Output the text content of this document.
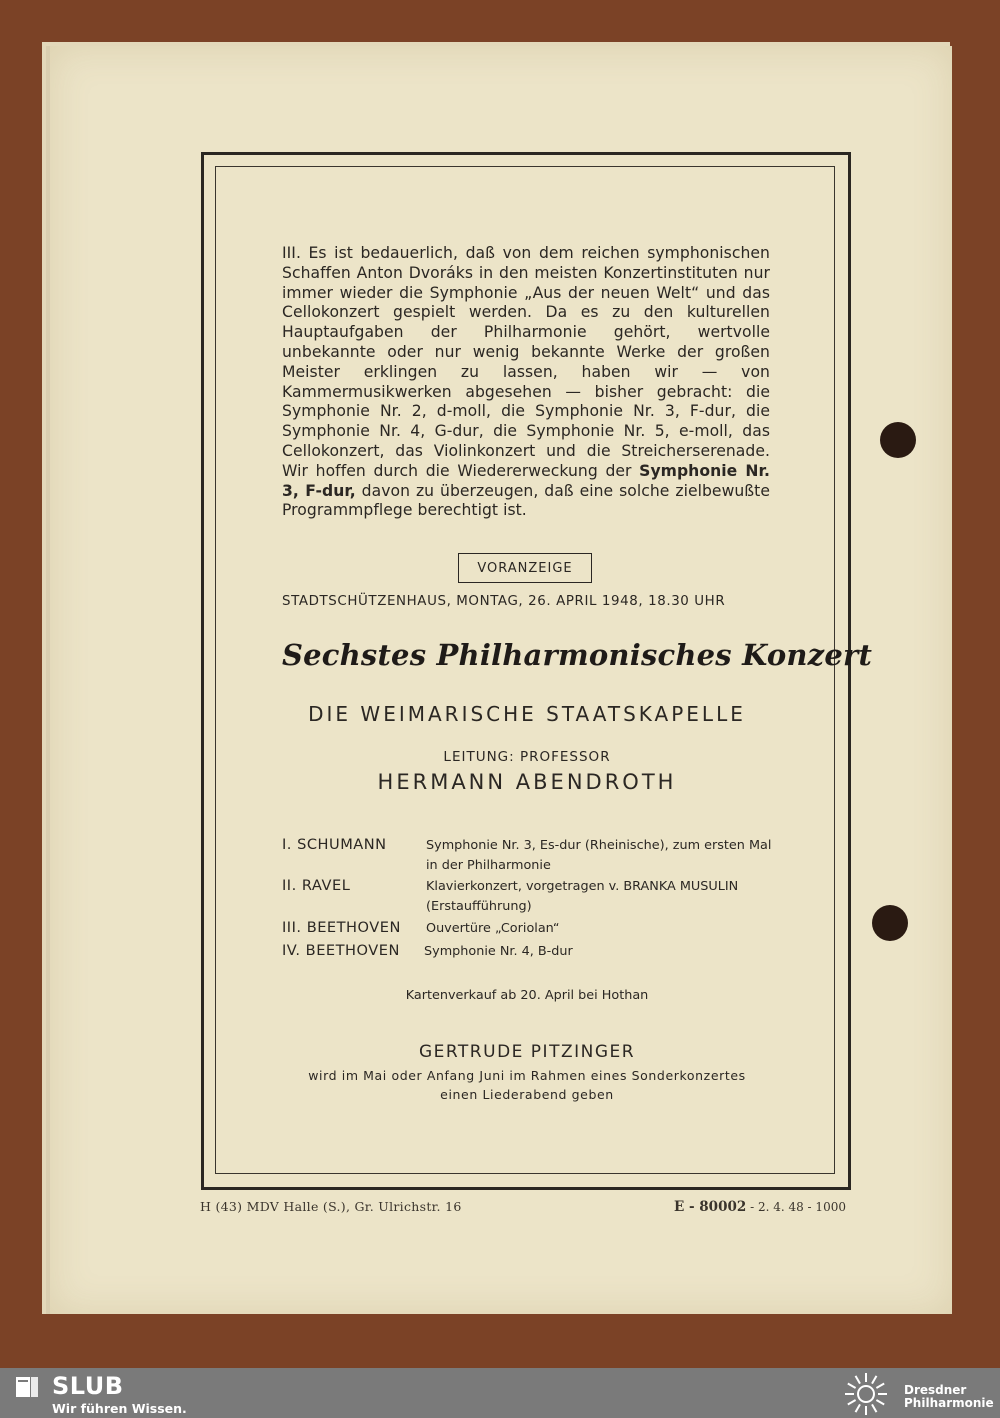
III. Es ist bedauerlich, daß von dem reichen symphonischen Schaffen Anton Dvoráks in den meisten Konzertinstituten nur immer wieder die Symphonie „Aus der neuen Welt“ und das Cellokonzert gespielt werden. Da es zu den kulturellen Hauptaufgaben der Philharmonie gehört, wertvolle unbekannte oder nur wenig bekannte Werke der großen Meister erklingen zu lassen, haben wir — von Kammermusikwerken abgesehen — bisher gebracht: die Symphonie Nr. 2, d-moll, die Symphonie Nr. 3, F-dur, die Symphonie Nr. 4, G-dur, die Symphonie Nr. 5, e-moll, das Cellokonzert, das Violinkonzert und die Streicherserenade. Wir hoffen durch die Wiedererweckung der Symphonie Nr. 3, F-dur, davon zu überzeugen, daß eine solche zielbewußte Programmpflege berechtigt ist.
VORANZEIGE
STADTSCHÜTZENHAUS, MONTAG, 26. APRIL 1948, 18.30 UHR
Sechstes Philharmonisches Konzert
DIE WEIMARISCHE STAATSKAPELLE
LEITUNG: PROFESSOR
HERMANN ABENDROTH
I. SCHUMANN	Symphonie Nr. 3, Es-dur (Rheinische), zum ersten Mal in der Philharmonie
II. RAVEL	Klavierkonzert, vorgetragen v. BRANKA MUSULIN (Erstaufführung)
III. BEETHOVEN Ouvertüre „Coriolan“
IV. BEETHOVEN Symphonie Nr. 4, B-dur
Kartenverkauf ab 20. April bei Hothan
GERTRUDE PITZINGER
wird im Mai oder Anfang Juni im Rahmen eines Sonderkonzertes
einen Liederabend geben
H (43) MDV Halle (S.), Gr. Ulrichstr. 16	E - 80002 - 2. 4. 48 - 1000
SLUB
Wir führen Wissen.
Dresdner
Philharmonie
